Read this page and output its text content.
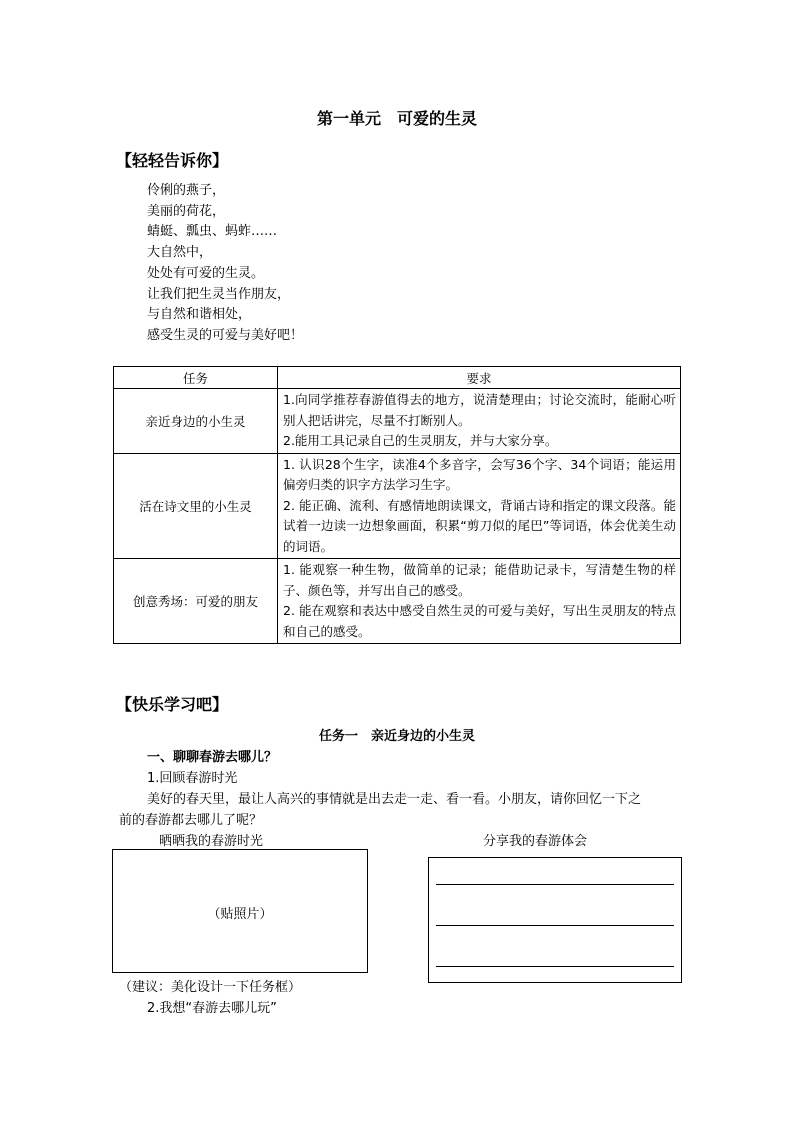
第一单元　可爱的生灵
【轻轻告诉你】
伶俐的燕子，
美丽的荷花，
蜻蜓、瓢虫、蚂蚱……
大自然中，
处处有可爱的生灵。
让我们把生灵当作朋友，
与自然和谐相处，
感受生灵的可爱与美好吧！
任务	要求
亲近身边的小生灵	1.向同学推荐春游值得去的地方，说清楚理由；讨论交流时，能耐心听别人把话讲完，尽量不打断别人。
2.能用工具记录自己的生灵朋友，并与大家分享。

活在诗文里的小生灵	1. 认识28个生字，读准4个多音字，会写36个字、34个词语；能运用偏旁归类的识字方法学习生字。
2. 能正确、流利、有感情地朗读课文，背诵古诗和指定的课文段落。能试着一边读一边想象画面，积累“剪刀似的尾巴”等词语，体会优美生动的词语。

创意秀场：可爱的朋友	1. 能观察一种生物，做简单的记录；能借助记录卡，写清楚生物的样子、颜色等，并写出自己的感受。
2. 能在观察和表达中感受自然生灵的可爱与美好，写出生灵朋友的特点和自己的感受。
【快乐学习吧】
任务一　亲近身边的小生灵
一、聊聊春游去哪儿？
1.回顾春游时光
美好的春天里，最让人高兴的事情就是出去走一走、看一看。小朋友，请你回忆一下之
前的春游都去哪儿了呢？
晒晒我的春游时光	分享我的春游体会
（贴照片）
（建议：美化设计一下任务框）
2.我想“春游去哪儿玩”
